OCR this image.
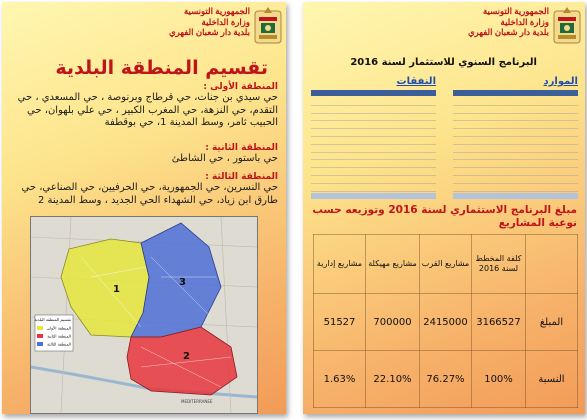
الجمهورية التونسية
وزارة الداخلية
بلدية دار شعبان الفهري
تقسيم المنطقة البلدية
المنطقة الأولى :
حي سيدي بن جنات، حي قرطاج وبرنوصة ، حي المسعدي ، حي التقدم، حي النزهة، حي المغرب الكبير ، حي علي بلهوان، حي الحبيب ثامر، وسط المدينة 1، حي بوقطفة
المنطقة الثانية :
حي باستور ، حي الشاطئ
المنطقة الثالثة :
حي النسرين، حي الجمهورية، حي الحرفيين، حي الصناعي، حي طارق ابن زياد، حي الشهداء الحي الجديد ، وسط المدينة 2
1
2
3
تقسيم المنطقة البلدية
المنطقة الأولى
المنطقة الثانية
المنطقة الثالثة
MEDITERRANEE
الجمهورية التونسية
وزارة الداخلية
بلدية دار شعبان الفهري
البرنامج السنوي للاستثمار لسنة 2016
النفقات	الموارد
مبلغ البرنامج الاستثماري لسنة 2016 وتوزيعه حسب نوعية المشاريع
	كلفة المخطط لسنة 2016	مشاريع القرب	مشاريع مهيكلة	مشاريع إدارية
المبلغ	3166527	2415000	700000	51527
النسبة	100%	76.27%	22.10%	1.63%
